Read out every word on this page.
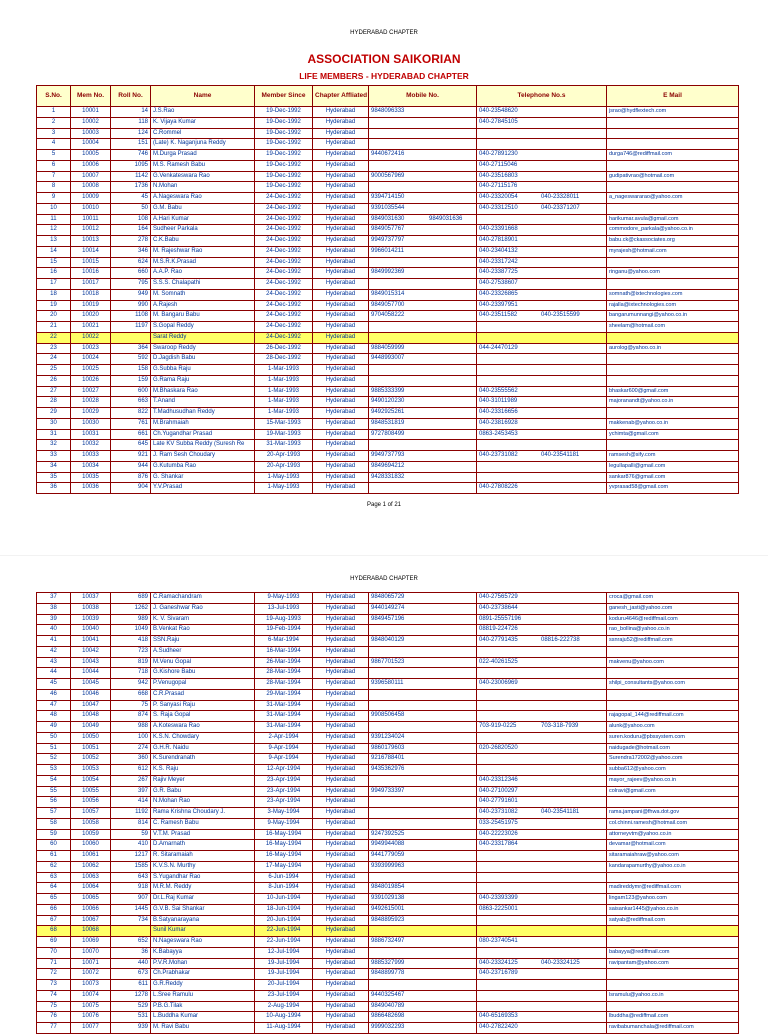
HYDERABAD CHAPTER
ASSOCIATION SAIKORIAN
LIFE MEMBERS - HYDERABAD CHAPTER
S.No.	Mem No.	Roll No.	Name	Member Since	Chapter Affliated	Mobile No.	Telephone No.s	E Mail
1	10001	14	J.S.Rao	19-Dec-1992	Hyderabad	9848096333	040-23548620	jsrao@hydflextech.com
2	10002	118	K. Vijaya Kumar	19-Dec-1992	Hyderabad		040-27845105	
3	10003	124	C.Rommel	19-Dec-1992	Hyderabad			
4	10004	151	(Late) K. Naganjuna Reddy	19-Dec-1992	Hyderabad			
5	10005	746	M.Durga Prasad	19-Dec-1992	Hyderabad	9440672416	040-27891230	durga746@rediffmail.com
6	10006	1095	M.S. Ramesh Babu	19-Dec-1992	Hyderabad		040-27115046	
7	10007	1142	G.Venkateswara Rao	19-Dec-1992	Hyderabad	9000567969	040-23516803	gudipativrao@hotmail.com
8	10008	1736	N.Mohan	19-Dec-1992	Hyderabad		040-27115176	
9	10009	45	A.Nageswara Rao	24-Dec-1992	Hyderabad	9394714150	040-23320054 040-23328011	a_nageswararao@yahoo.com
10	10010	50	G.M. Babu	24-Dec-1992	Hyderabad	9391035544	040-23312510 040-23371207	
11	10011	108	A.Hari Kumar	24-Dec-1992	Hyderabad	9849031630 9849031636		harikumar.avula@gmail.com
12	10012	164	Sudheer Parkala	24-Dec-1992	Hyderabad	9849057767	040-23391668	commodore_parkala@yahoo.co.in
13	10013	278	C.K.Babu	24-Dec-1992	Hyderabad	9949737797	040-27818901	babu.ck@ckassociates.org
14	10014	346	M. Rajeshwar Rao	24-Dec-1992	Hyderabad	9966014211	040-23404132	myrajesh@hotmail.com
15	10015	624	M.S.R.K.Prasad	24-Dec-1992	Hyderabad		040-23317242	
16	10016	660	A.A.P. Rao	24-Dec-1992	Hyderabad	9849992369	040-23387725	ringanu@yahoo.com
17	10017	795	S.S.S. Chalapathi	24-Dec-1992	Hyderabad		040-27538607	
18	10018	949	M. Somnath	24-Dec-1992	Hyderabad	9849015314	040-23326865	somnath@ixtechnologies.com
19	10019	990	A.Rajesh	24-Dec-1992	Hyderabad	9849057700	040-23397951	rajalla@ixtechnologies.com
20	10020	1108	M. Bangaru Babu	24-Dec-1992	Hyderabad	9704058222	040-23511582 040-23515599	bangarumunnangi@yahoo.co.in
21	10021	1197	S.Gopal Reddy	24-Dec-1992	Hyderabad			sheelam@hotmail.com
22	10022		Sarat Reddy	24-Dec-1992	Hyderabad			
23	10023	364	Swaroop Reddy	26-Dec-1992	Hyderabad	9884059999	044-24470129	aurolog@yahoo.co.in
24	10024	592	D.Jagdish Babu	28-Dec-1992	Hyderabad	9448993007		
25	10025	158	G.Subba Raju	1-Mar-1993	Hyderabad			
26	10026	159	G.Rama Raju	1-Mar-1993	Hyderabad			
27	10027	600	M.Bhaskara Rao	1-Mar-1993	Hyderabad	9885333399	040-23555562	bhaskar600@gmail.com
28	10028	663	T.Anand	1-Mar-1993	Hyderabad	9490120230	040-31011989	majoranandt@yahoo.co.in
29	10029	822	T.Madhusudhan Reddy	1-Mar-1993	Hyderabad	9492925261	040-23316656	
30	10030	761	M.Brahmaiah	15-Mar-1993	Hyderabad	9848531819	040-23816928	makkenab@yahoo.co.in
31	10031	661	Ch.Yugandhar Prasad	19-Mar-1993	Hyderabad	9727808499	0863-2453453	ychimta@gmail.com
32	10032	645	Late KV Subba Reddy (Suresh Re	31-Mar-1993	Hyderabad			
33	10033	921	J. Ram Sesh Choudary	20-Apr-1993	Hyderabad	9949737793	040-23731082 040-23541181	ramsesh@sify.com
34	10034	944	G.Kutumba Rao	20-Apr-1993	Hyderabad	9849694212		legullapalli@gmail.com
35	10035	876	G. Shankar	1-May-1993	Hyderabad	9428331832		sankar876@gmail.com
36	10036	904	Y.V.Prasad	1-May-1993	Hyderabad		040-27808226	yvprasad58@gmail.com
Page 1 of 21
HYDERABAD CHAPTER
37	10037	689	C.Ramachandram	9-May-1993	Hyderabad	9848065729	040-27565729	croca@gmail.com
38	10038	1262	J. Ganeshwar Rao	13-Jul-1993	Hyderabad	9440149274	040-23738644	ganesh_jasti@yahoo.com
39	10039	989	K. V. Sivaram	19-Aug-1993	Hyderabad	9849457196	0891-25557196	koduru4646@rediffmail.com
40	10040	1049	B.Venkat Rao	19-Feb-1994	Hyderabad		08819-224726	rao_bollina@yahoo.co.in
41	10041	418	SSN.Raju	6-Mar-1994	Hyderabad	9848040129	040-27791435 08816-222738	ssnraju52@rediffmail.com
42	10042	723	A.Sudheer	16-Mar-1994	Hyderabad			
43	10043	819	M.Venu Gopal	26-Mar-1994	Hyderabad	9867701523	022-40261525	makvenu@yahoo.com
44	10044	718	G.Kishore Babu	28-Mar-1994	Hyderabad			
45	10045	942	P.Venugopal	28-Mar-1994	Hyderabad	9396580111	040-23006969	shilpi_consultants@yahoo.com
46	10046	668	C.R.Prasad	29-Mar-1994	Hyderabad			
47	10047	75	P. Sanyasi Raju	31-Mar-1994	Hyderabad			
48	10048	874	S. Raja Gopal	31-Mar-1994	Hyderabad	9908506458		rajagopal_144@rediffmail.com
49	10049	988	A.Koteswara Rao	31-Mar-1994	Hyderabad		703-919-0225 703-318-7939	alunk@yahoo.com
50	10050	100	K.S.N. Chowdary	2-Apr-1994	Hyderabad	9391234024		suren.koduru@pbssystem.com
51	10051	274	G.H.R. Naidu	9-Apr-1994	Hyderabad	9860179603	020-26820520	naidugade@hotmail.com
52	10052	360	K.Surendranath	9-Apr-1994	Hyderabad	9216788401		Surendra172002@yahoo.com
53	10053	612	K.S. Raju	12-Apr-1994	Hyderabad	9435362976		subba612@yahoo.com
54	10054	267	Rajiv Meyer	23-Apr-1994	Hyderabad		040-23312346	mayor_rajeev@yahoo.co.in
55	10055	397	G.R. Babu	23-Apr-1994	Hyderabad	9949733397	040-27100297	colravi@gmail.com
56	10056	414	N.Mohan Rao	23-Apr-1994	Hyderabad		040-27791601	
57	10057	1192	Rama Krishna Choudary J.	3-May-1994	Hyderabad		040-23731082 040-23541181	rama.jampani@fhwa.dot.gov
58	10058	814	C. Ramesh Babu	9-May-1994	Hyderabad		033-25451975	col.chinni.ramesh@hotmail.com
59	10059	59	V.T.M. Prasad	16-May-1994	Hyderabad	9247392525	040-22223026	attorneyvtm@yahoo.co.in
60	10060	410	D.Amarnath	16-May-1994	Hyderabad	9949944088	040-23317864	devamar@hotmail.com
61	10061	1217	R. Sitaramaiah	16-May-1994	Hyderabad	9441779059		sitaramaiahraw@yahoo.com
62	10062	1585	K.V.S.N. Murthy	17-May-1994	Hyderabad	9393999963		kandarapamurthy@yahoo.co.in
63	10063	643	S.Yugandhar Rao	6-Jun-1994	Hyderabad			
64	10064	918	M.R.M. Reddy	8-Jun-1994	Hyderabad	9848019854		madireddymr@rediffmail.com
65	10065	907	Dr.L.Raj Kumar	10-Jun-1994	Hyderabad	9391029138	040-23393399	lingam123@yahoo.com
66	10066	1445	G.V.B. Sai Shankar	18-Jun-1994	Hyderabad	9492615001	0863-2225001	saisankar1445@yahoo.co.in
67	10067	734	B.Satyanarayana	20-Jun-1994	Hyderabad	9848895923		satyab@rediffmail.com
68	10068		Sunil Kumar	22-Jun-1994	Hyderabad			
69	10069	652	N.Nageswara Rao	22-Jun-1994	Hyderabad	9886732497	080-23740541	
70	10070	36	K.Babayya	12-Jul-1994	Hyderabad			babayya@rediffmail.com
71	10071	440	P.V.R.Mohan	19-Jul-1994	Hyderabad	9885327999	040-23324125 040-23324125	ravipantam@yahoo.com
72	10072	673	Ch.Prabhakar	19-Jul-1994	Hyderabad	9848899778	040-23716789	
73	10073	611	G.R.Reddy	20-Jul-1994	Hyderabad			
74	10074	1278	L.Sree Ramulu	23-Jul-1994	Hyderabad	9440325467		lsramulu@yahoo.co.in
75	10075	529	P.B.G.Tilak	2-Aug-1994	Hyderabad	9849040789		
76	10076	531	L.Buddha Kumar	10-Aug-1994	Hyderabad	9866482698	040-65169353	lbuddha@rediffmail.com
77	10077	939	M. Ravi Babu	11-Aug-1994	Hyderabad	9999032293	040-27822420	ravibabumanchala@rediffmail.com
